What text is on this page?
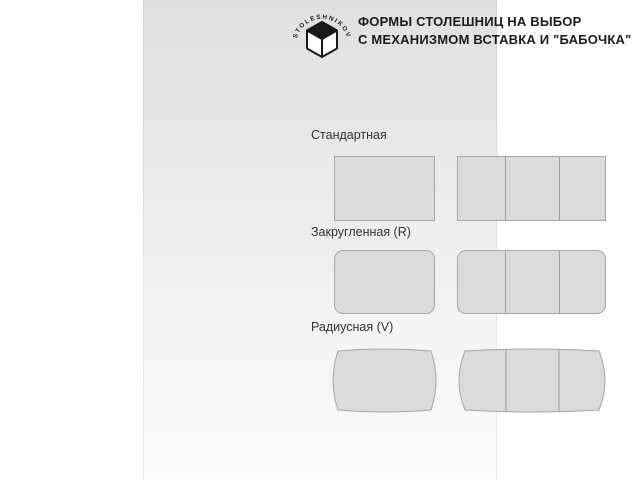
STOLESHNIKOV
ФОРМЫ СТОЛЕШНИЦ НА ВЫБОР
С МЕХАНИЗМОМ ВСТАВКА И "БАБОЧКА"
Стандартная
Закругленная (R)
Радиусная (V)
